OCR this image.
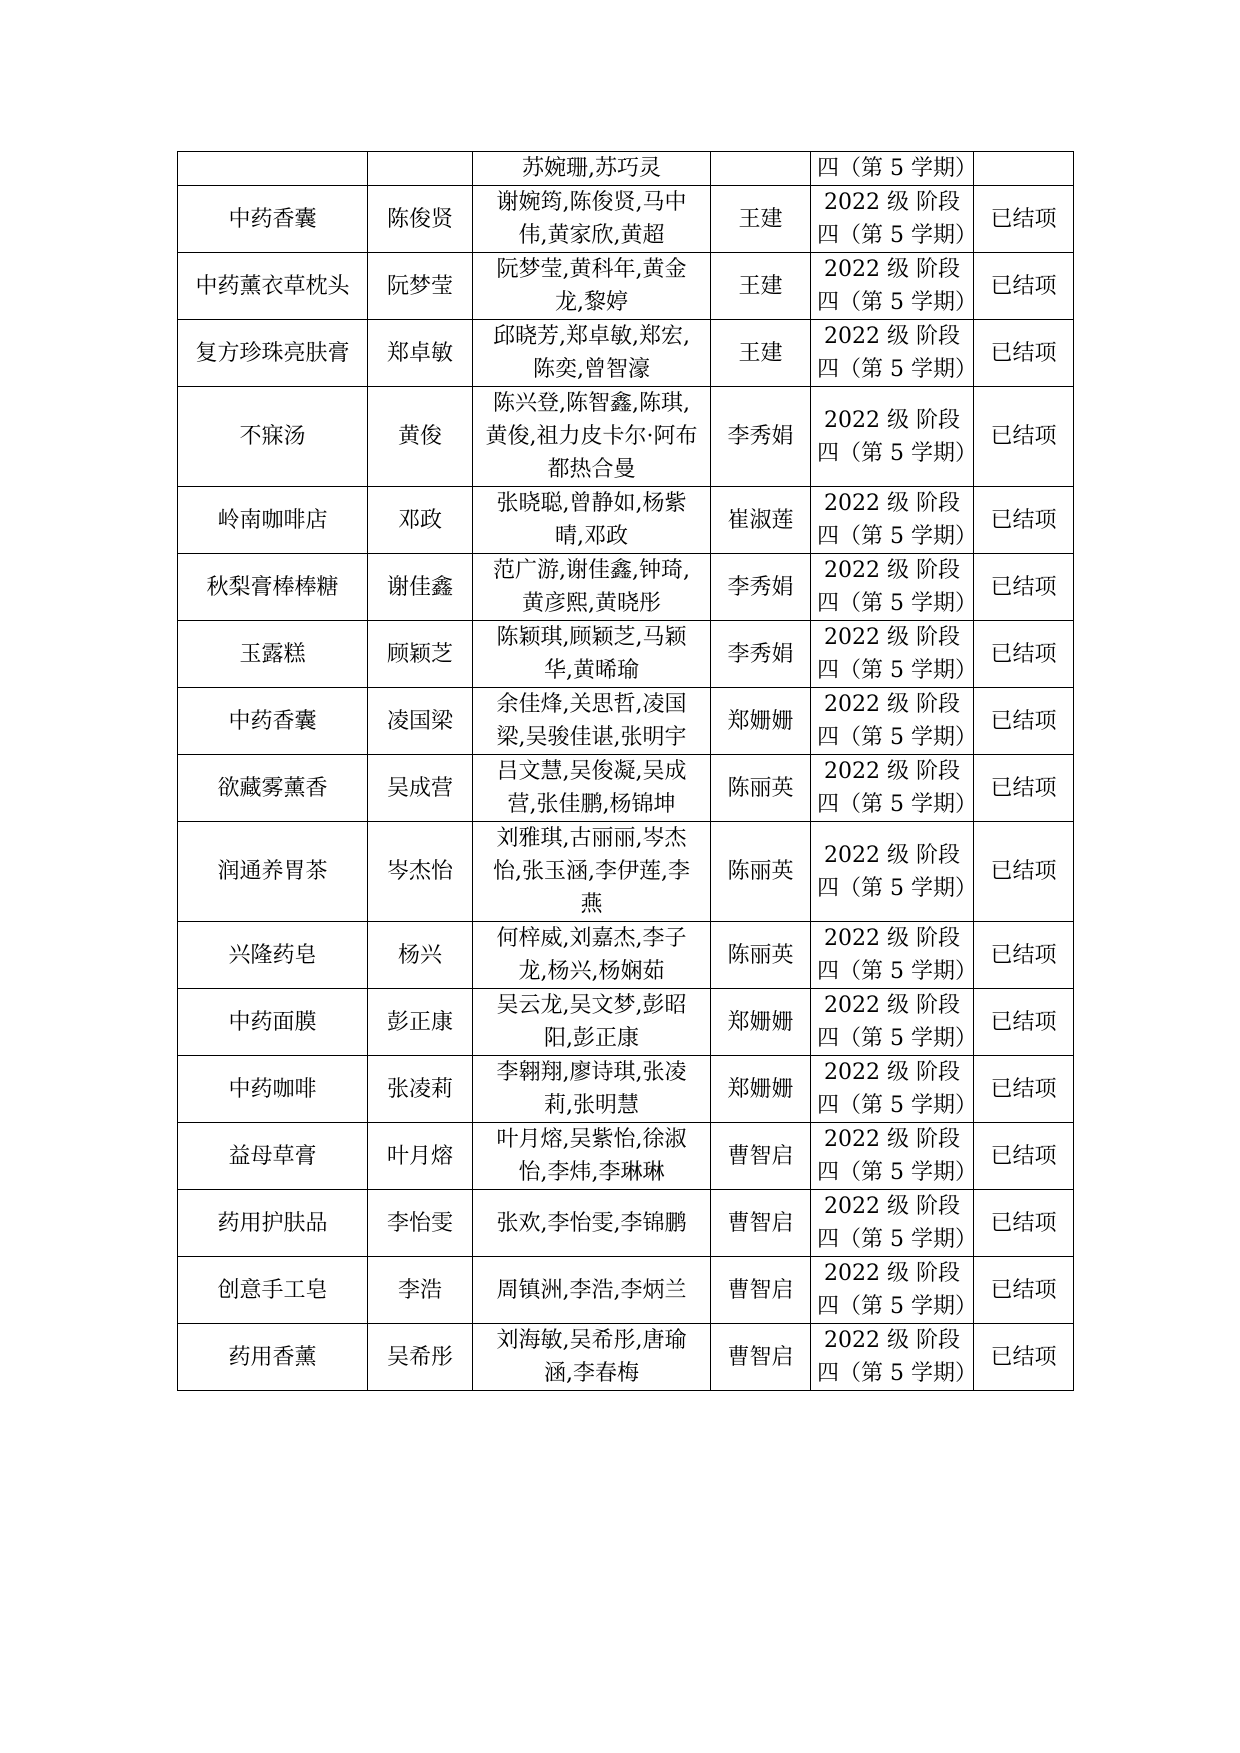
		苏婉珊,苏巧灵		四（第 5 学期）	
中药香囊	陈俊贤	谢婉筠,陈俊贤,马中伟,黄家欣,黄超	王建	2022 级 阶段四（第 5 学期）	已结项
中药薰衣草枕头	阮梦莹	阮梦莹,黄科年,黄金龙,黎婷	王建	2022 级 阶段四（第 5 学期）	已结项
复方珍珠亮肤膏	郑卓敏	邱晓芳,郑卓敏,郑宏,陈奕,曾智濠	王建	2022 级 阶段四（第 5 学期）	已结项
不寐汤	黄俊	陈兴登,陈智鑫,陈琪,黄俊,祖力皮卡尔·阿布都热合曼	李秀娟	2022 级 阶段四（第 5 学期）	已结项
岭南咖啡店	邓政	张晓聪,曾静如,杨紫晴,邓政	崔淑莲	2022 级 阶段四（第 5 学期）	已结项
秋梨膏棒棒糖	谢佳鑫	范广游,谢佳鑫,钟琦,黄彦熙,黄晓彤	李秀娟	2022 级 阶段四（第 5 学期）	已结项
玉露糕	顾颖芝	陈颖琪,顾颖芝,马颖华,黄晞瑜	李秀娟	2022 级 阶段四（第 5 学期）	已结项
中药香囊	凌国梁	余佳烽,关思哲,凌国梁,吴骏佳谌,张明宇	郑姗姗	2022 级 阶段四（第 5 学期）	已结项
欲藏雾薰香	吴成营	吕文慧,吴俊凝,吴成营,张佳鹏,杨锦坤	陈丽英	2022 级 阶段四（第 5 学期）	已结项
润通养胃茶	岑杰怡	刘雅琪,古丽丽,岑杰怡,张玉涵,李伊莲,李燕	陈丽英	2022 级 阶段四（第 5 学期）	已结项
兴隆药皂	杨兴	何梓威,刘嘉杰,李子龙,杨兴,杨娴茹	陈丽英	2022 级 阶段四（第 5 学期）	已结项
中药面膜	彭正康	吴云龙,吴文梦,彭昭阳,彭正康	郑姗姗	2022 级 阶段四（第 5 学期）	已结项
中药咖啡	张凌莉	李翱翔,廖诗琪,张凌莉,张明慧	郑姗姗	2022 级 阶段四（第 5 学期）	已结项
益母草膏	叶月熔	叶月熔,吴紫怡,徐淑怡,李炜,李琳琳	曹智启	2022 级 阶段四（第 5 学期）	已结项
药用护肤品	李怡雯	张欢,李怡雯,李锦鹏	曹智启	2022 级 阶段四（第 5 学期）	已结项
创意手工皂	李浩	周镇洲,李浩,李炳兰	曹智启	2022 级 阶段四（第 5 学期）	已结项
药用香薰	吴希彤	刘海敏,吴希彤,唐瑜涵,李春梅	曹智启	2022 级 阶段四（第 5 学期）	已结项
